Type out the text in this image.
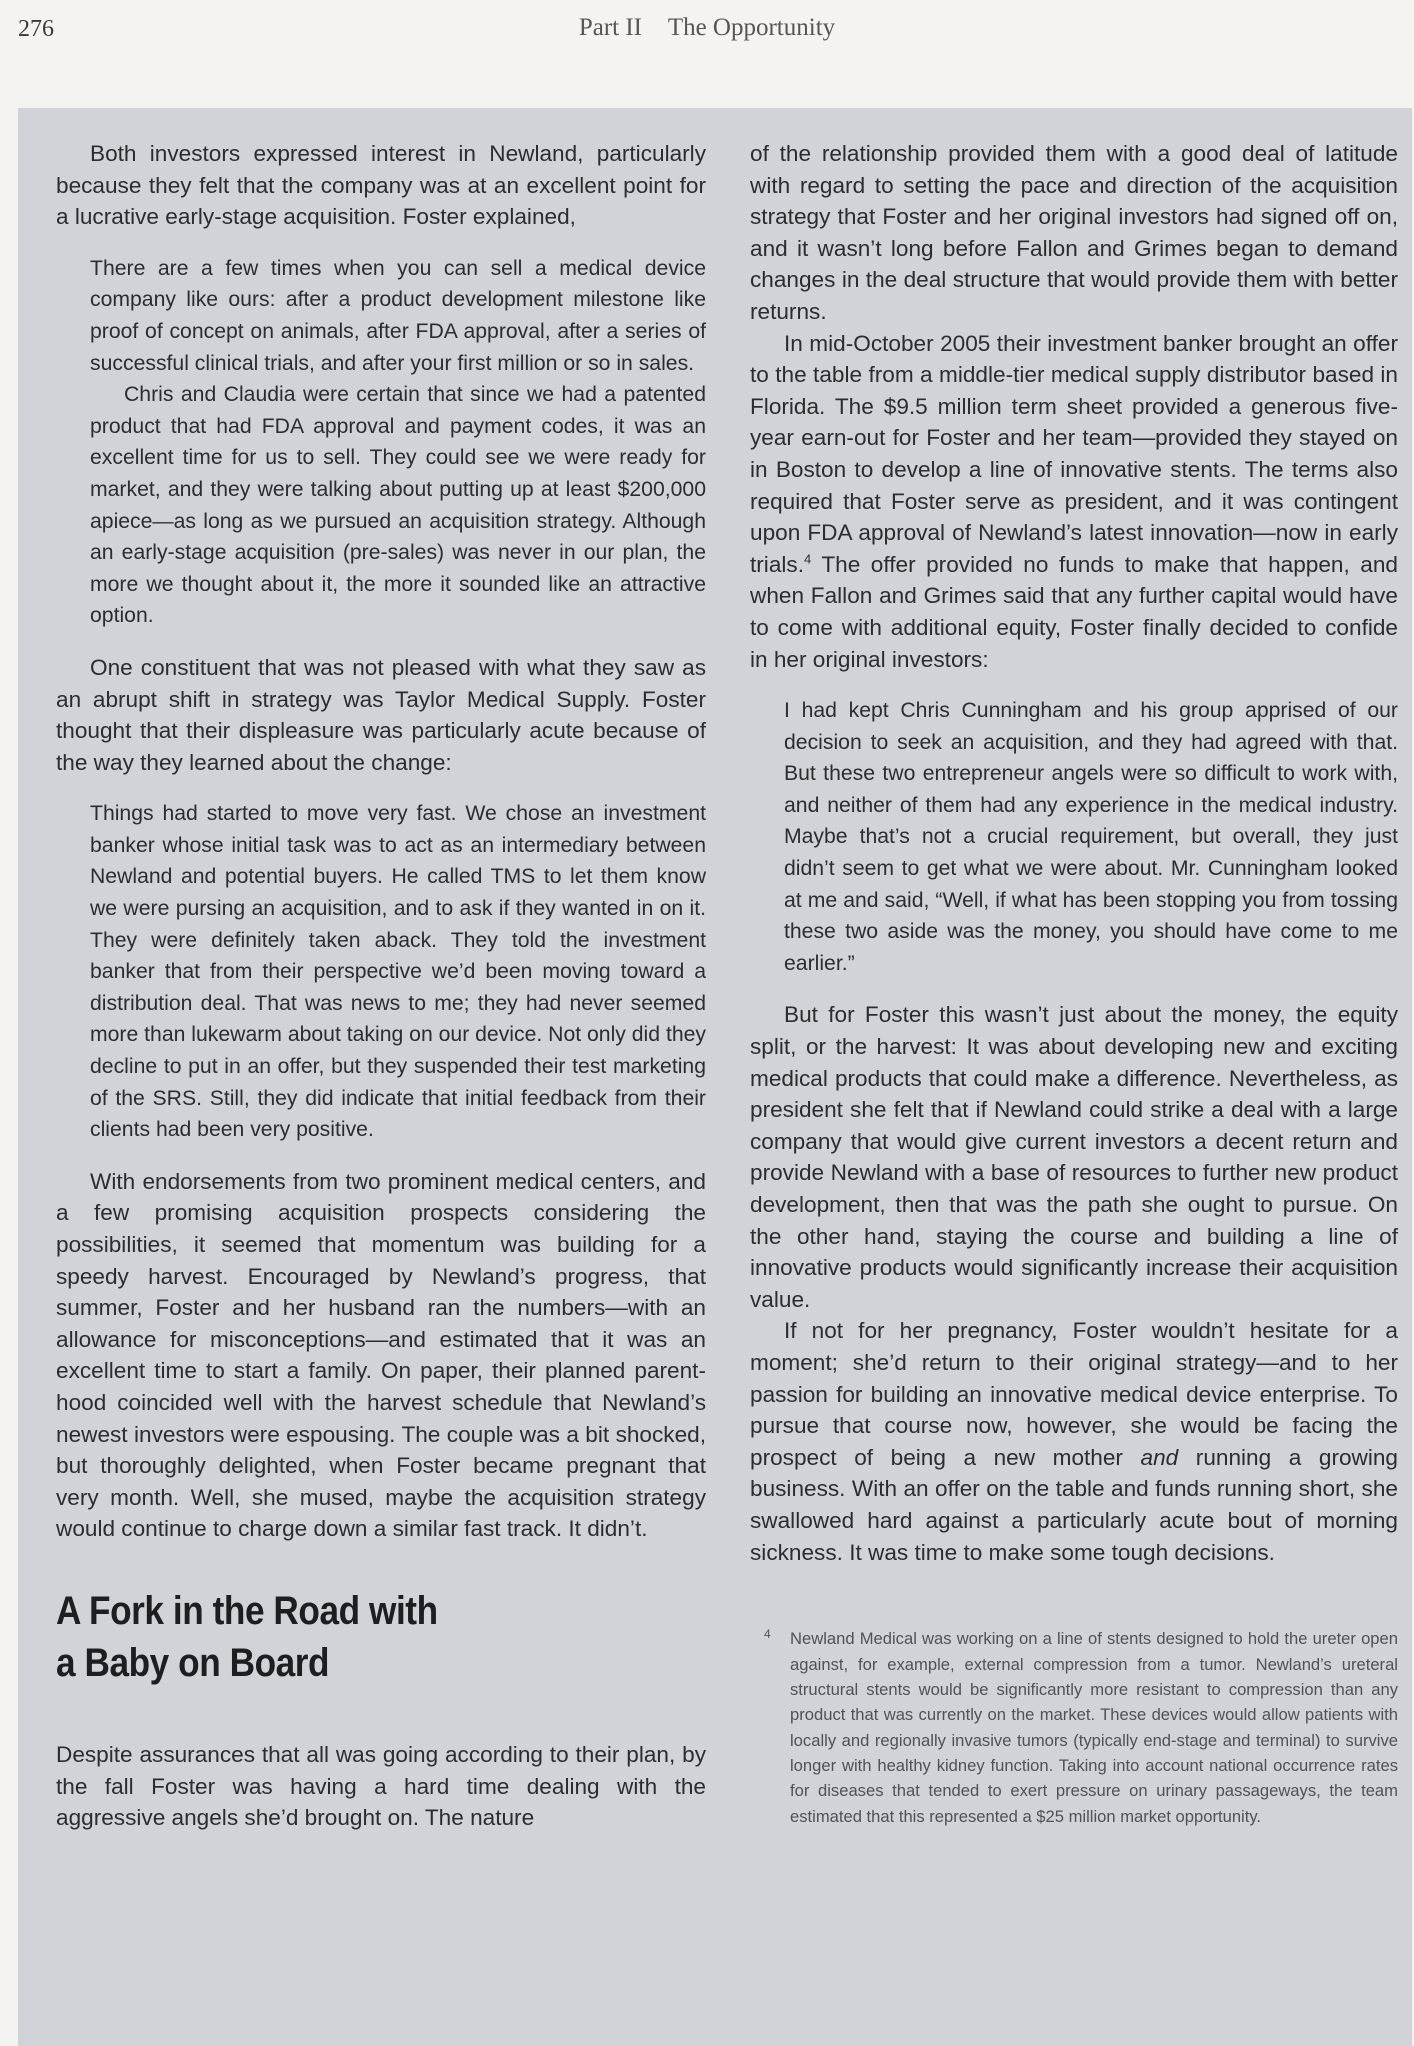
276	Part II The Opportunity

Both investors expressed interest in Newland, particularly because they felt that the company was at an excellent point for a lucrative early-stage acquisition. Foster explained,

There are a few times when you can sell a medical device company like ours: after a product development milestone like proof of concept on animals, after FDA approval, after a series of successful clinical trials, and after your first million or so in sales.

Chris and Claudia were certain that since we had a patented product that had FDA approval and payment codes, it was an excellent time for us to sell. They could see we were ready for market, and they were talking about putting up at least $200,000 apiece—as long as we pursued an acquisition strategy. Although an early-stage acquisition (pre-sales) was never in our plan, the more we thought about it, the more it sounded like an attractive option.

One constituent that was not pleased with what they saw as an abrupt shift in strategy was Taylor Medical Supply. Foster thought that their displeasure was particularly acute because of the way they learned about the change:

Things had started to move very fast. We chose an investment banker whose initial task was to act as an intermediary between Newland and potential buyers. He called TMS to let them know we were pursing an acquisition, and to ask if they wanted in on it. They were definitely taken aback. They told the investment banker that from their perspective we’d been moving toward a distribution deal. That was news to me; they had never seemed more than lukewarm about taking on our device. Not only did they decline to put in an offer, but they suspended their test marketing of the SRS. Still, they did indicate that initial feedback from their clients had been very positive.

With endorsements from two prominent medical centers, and a few promising acquisition prospects considering the possibilities, it seemed that momentum was building for a speedy harvest. Encouraged by Newland’s progress, that summer, Foster and her husband ran the numbers—with an allowance for misconceptions—and estimated that it was an excellent time to start a family. On paper, their planned parenthood coincided well with the harvest schedule that Newland’s newest investors were espousing. The couple was a bit shocked, but thoroughly delighted, when Foster became pregnant that very month. Well, she mused, maybe the acquisition strategy would continue to charge down a similar fast track. It didn’t.

A Fork in the Road with
a Baby on Board

Despite assurances that all was going according to their plan, by the fall Foster was having a hard time dealing with the aggressive angels she’d brought on. The nature

of the relationship provided them with a good deal of latitude with regard to setting the pace and direction of the acquisition strategy that Foster and her original investors had signed off on, and it wasn’t long before Fallon and Grimes began to demand changes in the deal structure that would provide them with better returns.

In mid-October 2005 their investment banker brought an offer to the table from a middle-tier medical supply distributor based in Florida. The $9.5 million term sheet provided a generous five-year earn-out for Foster and her team—provided they stayed on in Boston to develop a line of innovative stents. The terms also required that Foster serve as president, and it was contingent upon FDA approval of Newland’s latest innovation—now in early trials.$^4$ The offer provided no funds to make that happen, and when Fallon and Grimes said that any further capital would have to come with additional equity, Foster finally decided to confide in her original investors:

I had kept Chris Cunningham and his group apprised of our decision to seek an acquisition, and they had agreed with that. But these two entrepreneur angels were so difficult to work with, and neither of them had any experience in the medical industry. Maybe that’s not a crucial requirement, but overall, they just didn’t seem to get what we were about. Mr. Cunningham looked at me and said, “Well, if what has been stopping you from tossing these two aside was the money, you should have come to me earlier.”

But for Foster this wasn’t just about the money, the equity split, or the harvest: It was about developing new and exciting medical products that could make a difference. Nevertheless, as president she felt that if Newland could strike a deal with a large company that would give current investors a decent return and provide Newland with a base of resources to further new product development, then that was the path she ought to pursue. On the other hand, staying the course and building a line of innovative products would significantly increase their acquisition value.

If not for her pregnancy, Foster wouldn’t hesitate for a moment; she’d return to their original strategy—and to her passion for building an innovative medical device enterprise. To pursue that course now, however, she would be facing the prospect of being a new mother and running a growing business. With an offer on the table and funds running short, she swallowed hard against a particularly acute bout of morning sickness. It was time to make some tough decisions.

$^4$	Newland Medical was working on a line of stents designed to hold the ureter open against, for example, external compression from a tumor. Newland’s ureteral structural stents would be significantly more resistant to compression than any product that was currently on the market. These devices would allow patients with locally and regionally invasive tumors (typically end-stage and terminal) to survive longer with healthy kidney function. Taking into account national occurrence rates for diseases that tended to exert pressure on urinary passageways, the team estimated that this represented a $25 million market opportunity.
